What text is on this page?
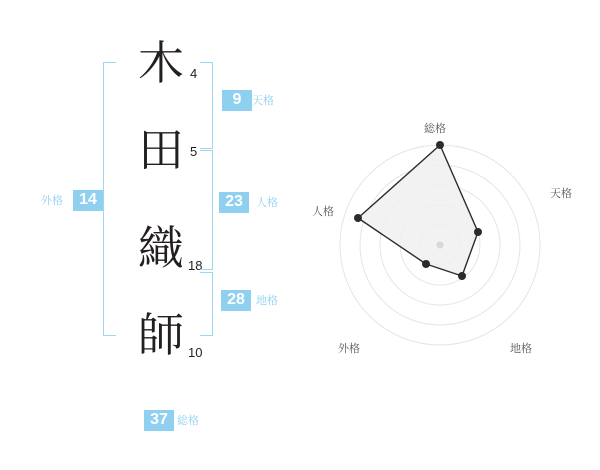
14
外格
木 4
田 5
織 18
師 10
9 天格
23	人格
28	地格
37 総格
総格
天格
地格
外格
人格
